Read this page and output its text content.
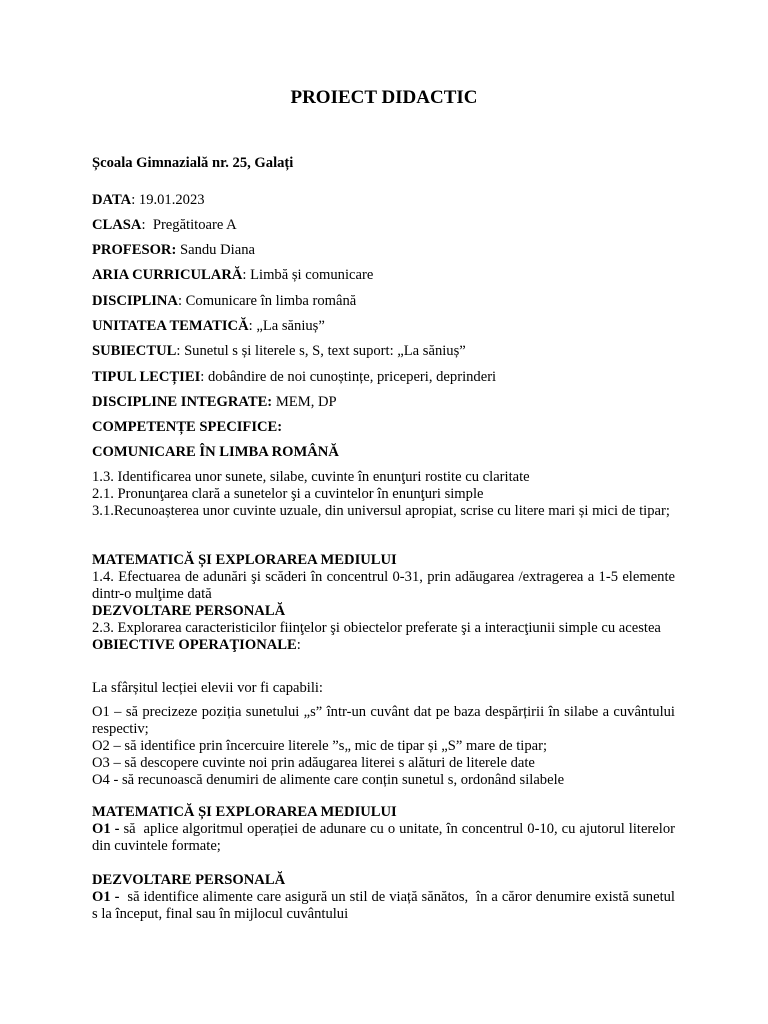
PROIECT DIDACTIC

Școala Gimnazială nr. 25, Galați

DATA: 19.01.2023

CLASA:  Pregătitoare A

PROFESOR: Sandu Diana

ARIA CURRICULARĂ: Limbă și comunicare

DISCIPLINA: Comunicare în limba română

UNITATEA TEMATICĂ: „La săniuș”

SUBIECTUL: Sunetul s și literele s, S, text suport: „La săniuș”

TIPUL LECȚIEI: dobândire de noi cunoștințe, priceperi, deprinderi

DISCIPLINE INTEGRATE: MEM, DP

COMPETENȚE SPECIFICE:

COMUNICARE ÎN LIMBA ROMÂNĂ

1.3. Identificarea unor sunete, silabe, cuvinte în enunţuri rostite cu claritate

2.1. Pronunţarea clară a sunetelor şi a cuvintelor în enunţuri simple

3.1.Recunoașterea unor cuvinte uzuale, din universul apropiat, scrise cu litere mari și mici de tipar;

MATEMATICĂ ȘI EXPLORAREA MEDIULUI

1.4. Efectuarea de adunări şi scăderi în concentrul 0-31, prin adăugarea /extragerea a 1-5 elemente dintr-o mulţime dată

DEZVOLTARE PERSONALĂ

2.3. Explorarea caracteristicilor fiinţelor şi obiectelor preferate şi a interacţiunii simple cu acestea

OBIECTIVE OPERAŢIONALE:

La sfârșitul lecției elevii vor fi capabili:

O1 – să precizeze poziția sunetului „s” într-un cuvânt dat pe baza despărțirii în silabe a cuvântului respectiv;

O2 – să identifice prin încercuire literele ”s„ mic de tipar și „S” mare de tipar;

O3 – să descopere cuvinte noi prin adăugarea literei s alături de literele date

O4 - să recunoască denumiri de alimente care conțin sunetul s, ordonând silabele

MATEMATICĂ ȘI EXPLORAREA MEDIULUI

O1 - să  aplice algoritmul operației de adunare cu o unitate, în concentrul 0-10, cu ajutorul literelor din cuvintele formate;

DEZVOLTARE PERSONALĂ

O1 -  să identifice alimente care asigură un stil de viață sănătos,  în a căror denumire există sunetul s la început, final sau în mijlocul cuvântului
